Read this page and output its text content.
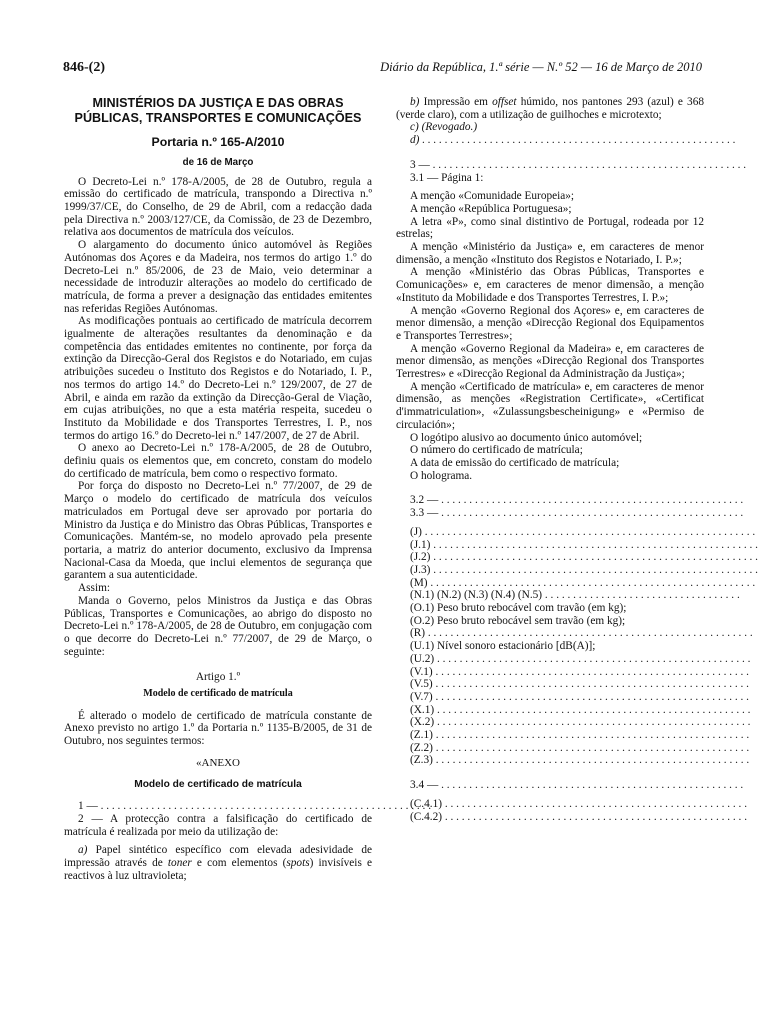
846-(2)	Diário da República, 1.ª série — N.º 52 — 16 de Março de 2010
MINISTÉRIOS DA JUSTIÇA E DAS OBRAS PÚBLICAS, TRANSPORTES E COMUNICAÇÕES
Portaria n.º 165-A/2010
de 16 de Março

O Decreto-Lei n.º 178-A/2005, de 28 de Outubro, regula a emissão do certificado de matrícula, transpondo a Directiva n.º 1999/37/CE, do Conselho, de 29 de Abril, com a redacção dada pela Directiva n.º 2003/127/CE, da Comissão, de 23 de Dezembro, relativa aos documentos de matrícula dos veículos.

O alargamento do documento único automóvel às Regiões Autónomas dos Açores e da Madeira, nos termos do artigo 1.º do Decreto-Lei n.º 85/2006, de 23 de Maio, veio determinar a necessidade de introduzir alterações ao modelo do certificado de matrícula, de forma a prever a designação das entidades emitentes nas referidas Regiões Autónomas.

As modificações pontuais ao certificado de matrícula decorrem igualmente de alterações resultantes da denominação e da competência das entidades emitentes no continente, por força da extinção da Direcção-Geral dos Registos e do Notariado, em cujas atribuições sucedeu o Instituto dos Registos e do Notariado, I. P., nos termos do artigo 14.º do Decreto-Lei n.º 129/2007, de 27 de Abril, e ainda em razão da extinção da Direcção-Geral de Viação, em cujas atribuições, no que a esta matéria respeita, sucedeu o Instituto da Mobilidade e dos Transportes Terrestres, I. P., nos termos do artigo 16.º do Decreto-lei n.º 147/2007, de 27 de Abril.

O anexo ao Decreto-Lei n.º 178-A/2005, de 28 de Outubro, definiu quais os elementos que, em concreto, constam do modelo do certificado de matrícula, bem como o respectivo formato.

Por força do disposto no Decreto-Lei n.º 77/2007, de 29 de Março o modelo do certificado de matrícula dos veículos matriculados em Portugal deve ser aprovado por portaria do Ministro da Justiça e do Ministro das Obras Públicas, Transportes e Comunicações. Mantém-se, no modelo aprovado pela presente portaria, a matriz do anterior documento, exclusivo da Imprensa Nacional-Casa da Moeda, que inclui elementos de segurança que garantem a sua autenticidade.

Assim:

Manda o Governo, pelos Ministros da Justiça e das Obras Públicas, Transportes e Comunicações, ao abrigo do disposto no Decreto-Lei n.º 178-A/2005, de 28 de Outubro, em conjugação com o que decorre do Decreto-Lei n.º 77/2007, de 29 de Março, o seguinte:

Artigo 1.º
Modelo de certificado de matrícula

É alterado o modelo de certificado de matrícula constante de Anexo previsto no artigo 1.º da Portaria n.º 1135-B/2005, de 31 de Outubro, nos seguintes termos:

«ANEXO
Modelo de certificado de matrícula
1 — . . . . . . . . . . . . . . . . . . . . . . . . . . . . . . . . . . . . . . . . . . . . . . . . . . . . . . . . . . .

2 — A protecção contra a falsificação do certificado de matrícula é realizada por meio da utilização de:

a) Papel sintético específico com elevada adesividade de impressão através de toner e com elementos (spots) invisíveis e reactivos à luz ultravioleta;

b) Impressão em offset húmido, nos pantones 293 (azul) e 368 (verde claro), com a utilização de guilhoches e microtexto;

c) (Revogado.)
d) . . . . . . . . . . . . . . . . . . . . . . . . . . . . . . . . . . . . . . . . . . . . . . . . . . . . . . . .
3 — . . . . . . . . . . . . . . . . . . . . . . . . . . . . . . . . . . . . . . . . . . . . . . . . . . . . . . . .
3.1 — Página 1:

A menção «Comunidade Europeia»;

A menção «República Portuguesa»;

A letra «P», como sinal distintivo de Portugal, rodeada por 12 estrelas;

A menção «Ministério da Justiça» e, em caracteres de menor dimensão, a menção «Instituto dos Registos e Notariado, I. P.»;

A menção «Ministério das Obras Públicas, Transportes e Comunicações» e, em caracteres de menor dimensão, a menção «Instituto da Mobilidade e dos Transportes Terrestres, I. P.»;

A menção «Governo Regional dos Açores» e, em caracteres de menor dimensão, a menção «Direcção Regional dos Equipamentos e Transportes Terrestres»;

A menção «Governo Regional da Madeira» e, em caracteres de menor dimensão, as menções «Direcção Regional dos Transportes Terrestres» e «Direcção Regional da Administração da Justiça»;

A menção «Certificado de matrícula» e, em caracteres de menor dimensão, as menções «Registration Certificate», «Certificat d'immatriculation», «Zulassungsbescheinigung» e «Permiso de circulación»;

O logótipo alusivo ao documento único automóvel;

O número do certificado de matrícula;

A data de emissão do certificado de matrícula;

O holograma.

3.2 — . . . . . . . . . . . . . . . . . . . . . . . . . . . . . . . . . . . . . . . . . . . . . . . . . . . . . .
3.3 — . . . . . . . . . . . . . . . . . . . . . . . . . . . . . . . . . . . . . . . . . . . . . . . . . . . . . .
(J) . . . . . . . . . . . . . . . . . . . . . . . . . . . . . . . . . . . . . . . . . . . . . . . . . . . . . . . . . . .
(J.1) . . . . . . . . . . . . . . . . . . . . . . . . . . . . . . . . . . . . . . . . . . . . . . . . . . . . . . . . . .
(J.2) . . . . . . . . . . . . . . . . . . . . . . . . . . . . . . . . . . . . . . . . . . . . . . . . . . . . . . . . . .
(J.3) . . . . . . . . . . . . . . . . . . . . . . . . . . . . . . . . . . . . . . . . . . . . . . . . . . . . . . . . . .
(M) . . . . . . . . . . . . . . . . . . . . . . . . . . . . . . . . . . . . . . . . . . . . . . . . . . . . . . . . . .
(N.1) (N.2) (N.3) (N.4) (N.5) . . . . . . . . . . . . . . . . . . . . . . . . . . . . . . . . . . .
(O.1) Peso bruto rebocável com travão (em kg);
(O.2) Peso bruto rebocável sem travão (em kg);
(R) . . . . . . . . . . . . . . . . . . . . . . . . . . . . . . . . . . . . . . . . . . . . . . . . . . . . . . . . . .
(U.1) Nível sonoro estacionário [dB(A)];
(U.2) . . . . . . . . . . . . . . . . . . . . . . . . . . . . . . . . . . . . . . . . . . . . . . . . . . . . . . . .
(V.1) . . . . . . . . . . . . . . . . . . . . . . . . . . . . . . . . . . . . . . . . . . . . . . . . . . . . . . . .
(V.5) . . . . . . . . . . . . . . . . . . . . . . . . . . . . . . . . . . . . . . . . . . . . . . . . . . . . . . . .
(V.7) . . . . . . . . . . . . . . . . . . . . . . . . . . . . . . . . . . . . . . . . . . . . . . . . . . . . . . . .
(X.1) . . . . . . . . . . . . . . . . . . . . . . . . . . . . . . . . . . . . . . . . . . . . . . . . . . . . . . . .
(X.2) . . . . . . . . . . . . . . . . . . . . . . . . . . . . . . . . . . . . . . . . . . . . . . . . . . . . . . . .
(Z.1) . . . . . . . . . . . . . . . . . . . . . . . . . . . . . . . . . . . . . . . . . . . . . . . . . . . . . . . .
(Z.2) . . . . . . . . . . . . . . . . . . . . . . . . . . . . . . . . . . . . . . . . . . . . . . . . . . . . . . . .
(Z.3) . . . . . . . . . . . . . . . . . . . . . . . . . . . . . . . . . . . . . . . . . . . . . . . . . . . . . . . .
3.4 — . . . . . . . . . . . . . . . . . . . . . . . . . . . . . . . . . . . . . . . . . . . . . . . . . . . . . .
(C.4.1) . . . . . . . . . . . . . . . . . . . . . . . . . . . . . . . . . . . . . . . . . . . . . . . . . . . . . .
(C.4.2) . . . . . . . . . . . . . . . . . . . . . . . . . . . . . . . . . . . . . . . . . . . . . . . . . . . . . .
